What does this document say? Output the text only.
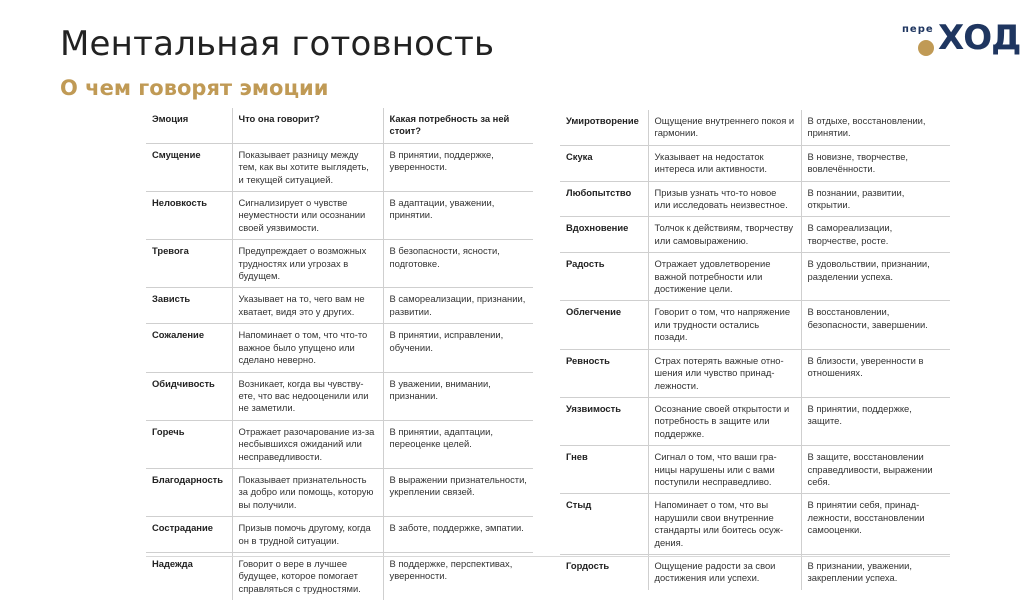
Ментальная готовность
О чем говорят эмоции
пере ХОД
Эмоция	Что она говорит?	Какая потребность за ней стоит?
Смущение	Показывает разницу между тем, как вы хотите выглядеть, и текущей ситуацией.	В принятии, поддержке, уверенности.
Неловкость	Сигнализирует о чувстве неуместности или осознании своей уязвимости.	В адаптации, уважении, принятии.
Тревога	Предупреждает о возможных трудностях или угрозах в будущем.	В безопасности, ясности, подготовке.
Зависть	Указывает на то, чего вам не хватает, видя это у других.	В самореализации, признании, развитии.
Сожаление	Напоминает о том, что что-то важное было упущено или сделано неверно.	В принятии, исправлении, обучении.
Обидчивость	Возникает, когда вы чувствуете, что вас недооценили или не заметили.	В уважении, внимании, признании.
Горечь	Отражает разочарование из-за несбывшихся ожиданий или несправедливости.	В принятии, адаптации, переоценке целей.
Благодарность	Показывает признательность за добро или помощь, которую вы получили.	В выражении признательности, укреплении связей.
Сострадание	Призыв помочь другому, когда он в трудной ситуации.	В заботе, поддержке, эмпатии.
Надежда	Говорит о вере в лучшее будущее, которое помогает справляться с трудностями.	В поддержке, перспективах, уверенности.
Умиротворение	Ощущение внутреннего покоя и гармонии.	В отдыхе, восстановлении, принятии.
Скука	Указывает на недостаток интереса или активности.	В новизне, творчестве, вовлечённости.
Любопытство	Призыв узнать что-то новое или исследовать неизвестное.	В познании, развитии, открытии.
Вдохновение	Толчок к действиям, творчеству или самовыражению.	В самореализации, творчестве, росте.
Радость	Отражает удовлетворение важной потребности или достижение цели.	В удовольствии, признании, разделении успеха.
Облегчение	Говорит о том, что напряжение или трудности остались позади.	В восстановлении, безопасности, завершении.
Ревность	Страх потерять важные отношения или чувство принадлежности.	В близости, уверенности в отношениях.
Уязвимость	Осознание своей открытости и потребность в защите или поддержке.	В принятии, поддержке, защите.
Гнев	Сигнал о том, что ваши границы нарушены или с вами поступили несправедливо.	В защите, восстановлении справедливости, выражении себя.
Стыд	Напоминает о том, что вы нарушили свои внутренние стандарты или боитесь осуждения.	В принятии себя, принадлежности, восстановлении самооценки.
Гордость	Ощущение радости за свои достижения или успехи.	В признании, уважении, закреплении успеха.
